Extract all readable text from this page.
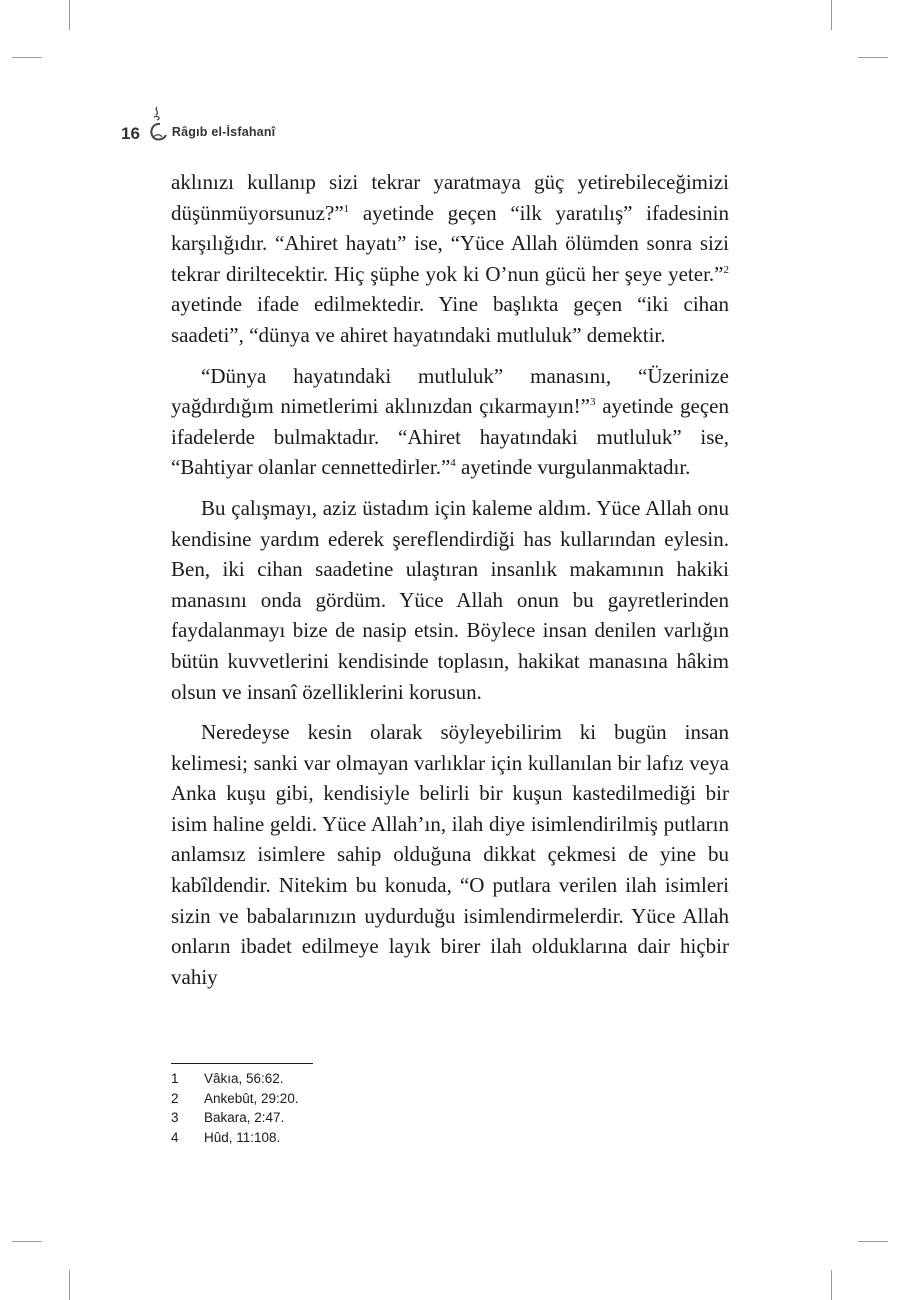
16	Râgıb el-İsfahanî

aklınızı kullanıp sizi tekrar yaratmaya güç yetirebileceğimizi düşünmüyorsunuz?”$^1$ ayetinde geçen “ilk yaratılış” ifadesinin karşılığıdır. “Ahiret hayatı” ise, “Yüce Allah ölümden sonra sizi tekrar diriltecektir. Hiç şüphe yok ki O’nun gücü her şeye yeter.”$^2$ ayetinde ifade edilmektedir. Yine başlıkta geçen “iki cihan saadeti”, “dünya ve ahiret hayatındaki mutluluk” demektir.

“Dünya hayatındaki mutluluk” manasını, “Üzerinize yağdırdığım nimetlerimi aklınızdan çıkarmayın!”$^3$ ayetinde geçen ifadelerde bulmaktadır. “Ahiret hayatındaki mutluluk” ise, “Bahtiyar olanlar cennettedirler.”$^4$ ayetinde vurgulanmaktadır.

Bu çalışmayı, aziz üstadım için kaleme aldım. Yüce Allah onu kendisine yardım ederek şereflendirdiği has kullarından eylesin. Ben, iki cihan saadetine ulaştıran insanlık makamının hakiki manasını onda gördüm. Yüce Allah onun bu gayretlerinden faydalanmayı bize de nasip etsin. Böylece insan denilen varlığın bütün kuvvetlerini kendisinde toplasın, hakikat manasına hâkim olsun ve insanî özelliklerini korusun.

Neredeyse kesin olarak söyleyebilirim ki bugün insan kelimesi; sanki var olmayan varlıklar için kullanılan bir lafız veya Anka kuşu gibi, kendisiyle belirli bir kuşun kastedilmediği bir isim haline geldi. Yüce Allah’ın, ilah diye isimlendirilmiş putların anlamsız isimlere sahip olduğuna dikkat çekmesi de yine bu kabîldendir. Nitekim bu konuda, “O putlara verilen ilah isimleri sizin ve babalarınızın uydurduğu isimlendirmelerdir. Yüce Allah onların ibadet edilmeye layık birer ilah olduklarına dair hiçbir vahiy

1	Vâkıa, 56:62.
2	Ankebût, 29:20.
3	Bakara, 2:47.
4	Hûd, 11:108.
